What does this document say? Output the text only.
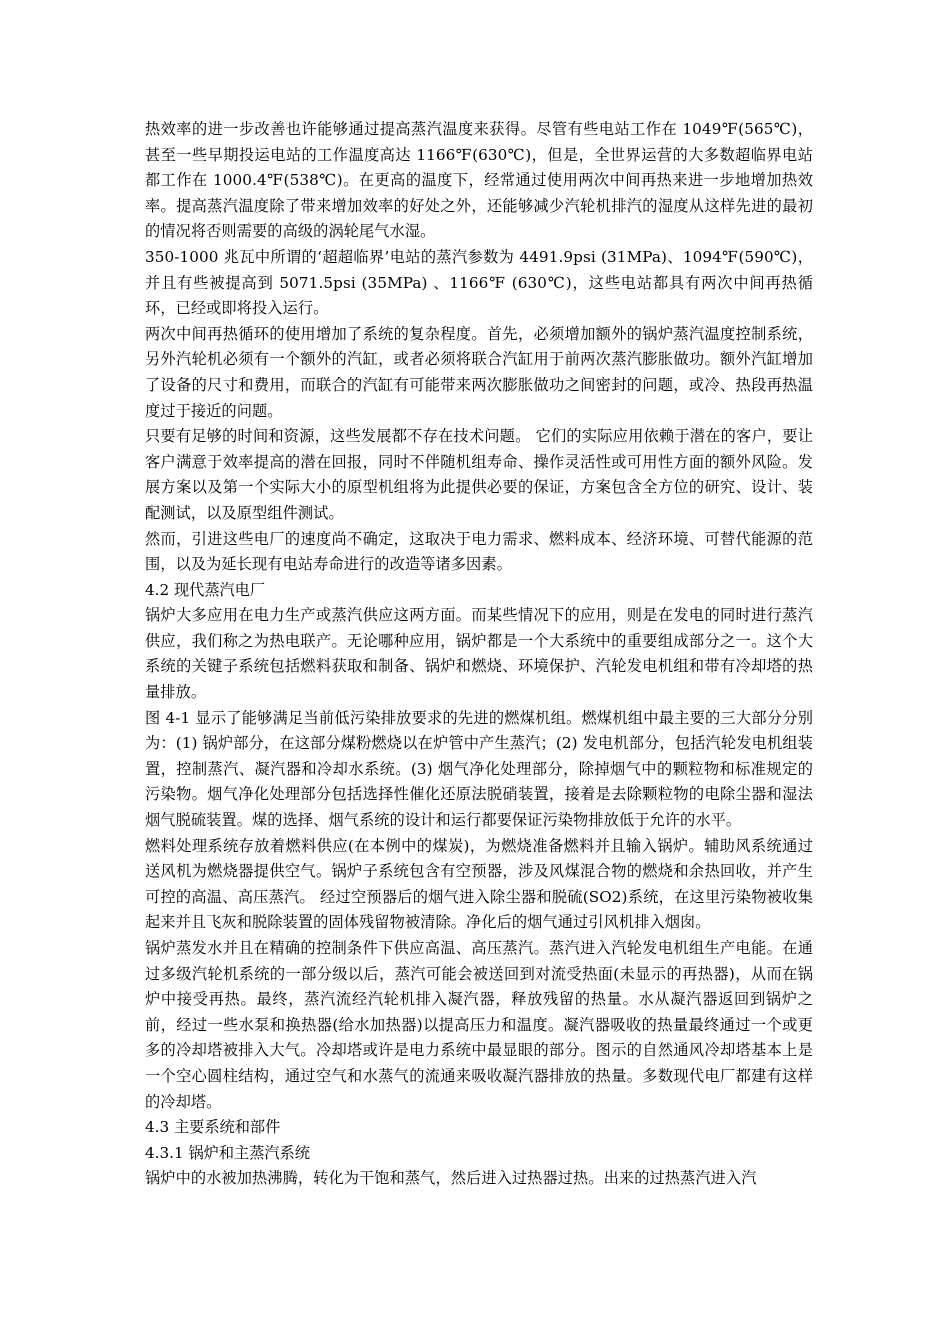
热效率的进一步改善也许能够通过提高蒸汽温度来获得。尽管有些电站工作在 1049℉(565℃)，甚至一些早期投运电站的工作温度高达 1166℉(630℃)，但是，全世界运营的大多数超临界电站都工作在 1000.4℉(538℃)。在更高的温度下，经常通过使用两次中间再热来进一步地增加热效率。提高蒸汽温度除了带来增加效率的好处之外，还能够减少汽轮机排汽的湿度从这样先进的最初的情况将否则需要的高级的涡轮尾气水湿。

350-1000 兆瓦中所谓的‘超超临界’电站的蒸汽参数为 4491.9psi (31MPa)、1094℉(590℃)，并且有些被提高到 5071.5psi (35MPa) 、1166℉ (630℃)，这些电站都具有两次中间再热循环，已经或即将投入运行。

两次中间再热循环的使用增加了系统的复杂程度。首先，必须增加额外的锅炉蒸汽温度控制系统，另外汽轮机必须有一个额外的汽缸，或者必须将联合汽缸用于前两次蒸汽膨胀做功。额外汽缸增加了设备的尺寸和费用，而联合的汽缸有可能带来两次膨胀做功之间密封的问题，或冷、热段再热温度过于接近的问题。

只要有足够的时间和资源，这些发展都不存在技术问题。 它们的实际应用依赖于潜在的客户，要让客户满意于效率提高的潜在回报，同时不伴随机组寿命、操作灵活性或可用性方面的额外风险。发展方案以及第一个实际大小的原型机组将为此提供必要的保证，方案包含全方位的研究、设计、装配测试，以及原型组件测试。

然而，引进这些电厂的速度尚不确定，这取决于电力需求、燃料成本、经济环境、可替代能源的范围，以及为延长现有电站寿命进行的改造等诸多因素。

4.2 现代蒸汽电厂

锅炉大多应用在电力生产或蒸汽供应这两方面。而某些情况下的应用，则是在发电的同时进行蒸汽供应，我们称之为热电联产。无论哪种应用，锅炉都是一个大系统中的重要组成部分之一。这个大系统的关键子系统包括燃料获取和制备、锅炉和燃烧、环境保护、汽轮发电机组和带有冷却塔的热量排放。

图 4-1 显示了能够满足当前低污染排放要求的先进的燃煤机组。燃煤机组中最主要的三大部分分别为：(1) 锅炉部分，在这部分煤粉燃烧以在炉管中产生蒸汽；(2) 发电机部分，包括汽轮发电机组装置，控制蒸汽、凝汽器和冷却水系统。(3) 烟气净化处理部分，除掉烟气中的颗粒物和标准规定的污染物。烟气净化处理部分包括选择性催化还原法脱硝装置，接着是去除颗粒物的电除尘器和湿法烟气脱硫装置。煤的选择、烟气系统的设计和运行都要保证污染物排放低于允许的水平。

燃料处理系统存放着燃料供应(在本例中的煤炭)，为燃烧准备燃料并且输入锅炉。辅助风系统通过送风机为燃烧器提供空气。锅炉子系统包含有空预器，涉及风煤混合物的燃烧和余热回收，并产生可控的高温、高压蒸汽。 经过空预器后的烟气进入除尘器和脱硫(SO2)系统，在这里污染物被收集起来并且飞灰和脱除装置的固体残留物被清除。净化后的烟气通过引风机排入烟囱。

锅炉蒸发水并且在精确的控制条件下供应高温、高压蒸汽。蒸汽进入汽轮发电机组生产电能。在通过多级汽轮机系统的一部分级以后，蒸汽可能会被送回到对流受热面(未显示的再热器)，从而在锅炉中接受再热。最终，蒸汽流经汽轮机排入凝汽器，释放残留的热量。水从凝汽器返回到锅炉之前，经过一些水泵和换热器(给水加热器)以提高压力和温度。凝汽器吸收的热量最终通过一个或更多的冷却塔被排入大气。冷却塔或许是电力系统中最显眼的部分。图示的自然通风冷却塔基本上是一个空心圆柱结构，通过空气和水蒸气的流通来吸收凝汽器排放的热量。多数现代电厂都建有这样的冷却塔。

4.3 主要系统和部件

4.3.1 锅炉和主蒸汽系统

锅炉中的水被加热沸腾，转化为干饱和蒸气，然后进入过热器过热。出来的过热蒸汽进入汽
